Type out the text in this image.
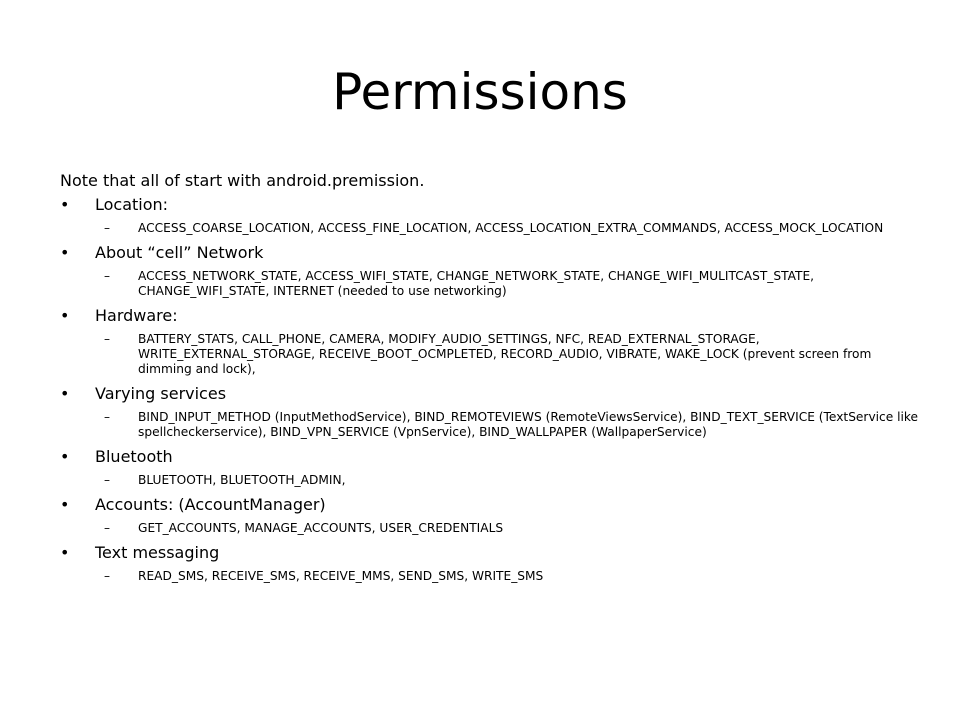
Permissions

Note that all of start with android.premission.

• Location:
– ACCESS_COARSE_LOCATION, ACCESS_FINE_LOCATION, ACCESS_LOCATION_EXTRA_COMMANDS, ACCESS_MOCK_LOCATION
• About “cell” Network
– ACCESS_NETWORK_STATE, ACCESS_WIFI_STATE, CHANGE_NETWORK_STATE, CHANGE_WIFI_MULITCAST_STATE, CHANGE_WIFI_STATE, INTERNET (needed to use networking)
• Hardware:
– BATTERY_STATS, CALL_PHONE, CAMERA, MODIFY_AUDIO_SETTINGS, NFC, READ_EXTERNAL_STORAGE, WRITE_EXTERNAL_STORAGE, RECEIVE_BOOT_OCMPLETED, RECORD_AUDIO, VIBRATE, WAKE_LOCK (prevent screen from dimming and lock),
• Varying services
– BIND_INPUT_METHOD (InputMethodService), BIND_REMOTEVIEWS (RemoteViewsService), BIND_TEXT_SERVICE (TextService like spellcheckerservice), BIND_VPN_SERVICE (VpnService), BIND_WALLPAPER (WallpaperService)
• Bluetooth
– BLUETOOTH, BLUETOOTH_ADMIN,
• Accounts: (AccountManager)
– GET_ACCOUNTS, MANAGE_ACCOUNTS, USER_CREDENTIALS
• Text messaging
– READ_SMS, RECEIVE_SMS, RECEIVE_MMS, SEND_SMS, WRITE_SMS
